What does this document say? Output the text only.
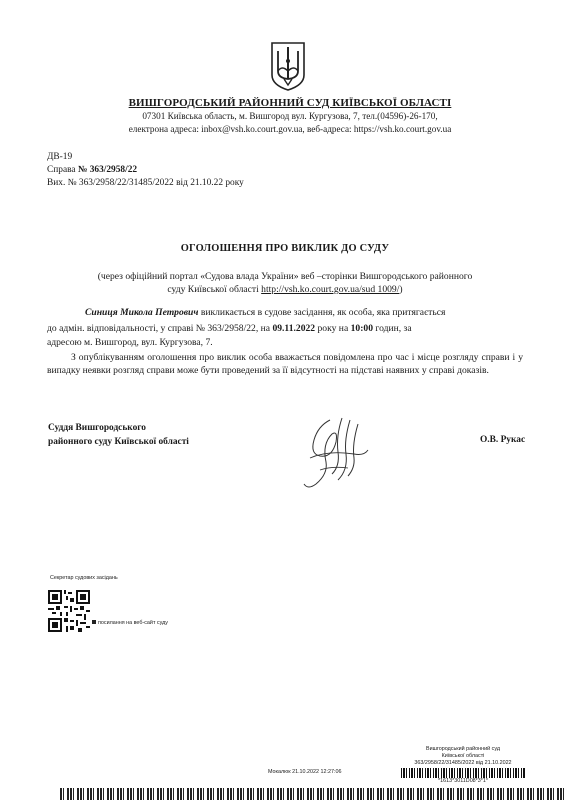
ВИШГОРОДСЬКИЙ РАЙОННИЙ СУД КИЇВСЬКОЇ ОБЛАСТІ
07301 Київська область, м. Вишгород вул. Кургузова, 7, тел.(04596)-26-170,
електрона адреса: inbox@vsh.ko.court.gov.ua, веб-адреса: https://vsh.ko.court.gov.ua
ДВ-19
Справа № 363/2958/22
Вих. № 363/2958/22/31485/2022 від 21.10.22 року
ОГОЛОШЕННЯ ПРО ВИКЛИК ДО СУДУ
(через офіційний портал «Судова влада України» веб –сторінки Вишгородського районного
суду Київської області http://vsh.ko.court.gov.ua/sud 1009/)
Синиця Микола Петрович викликається в судове засідання, як особа, яка притягається
до адмін. відповідальності, у справі № 363/2958/22, на 09.11.2022 року на 10:00 годин, за
адресою м. Вишгород, вул. Кургузова, 7.
З опублікуванням оголошення про виклик особа вважається повідомлена про час і місце розгляду справи і у випадку неявки розгляд справи може бути проведений за її відсутності на підставі наявних у справі доказів.
Суддя Вишгородського
районного суду Київської області	О.В. Рукас
Секретар судових засідань
посилання на веб-сайт суду
Вишгородський районний суд
Київської області
363/2958/22/31485/2022 від 21.10.2022
*1613*3011D08*3*1*
Мокалюк 21.10.2022 12:27:06
